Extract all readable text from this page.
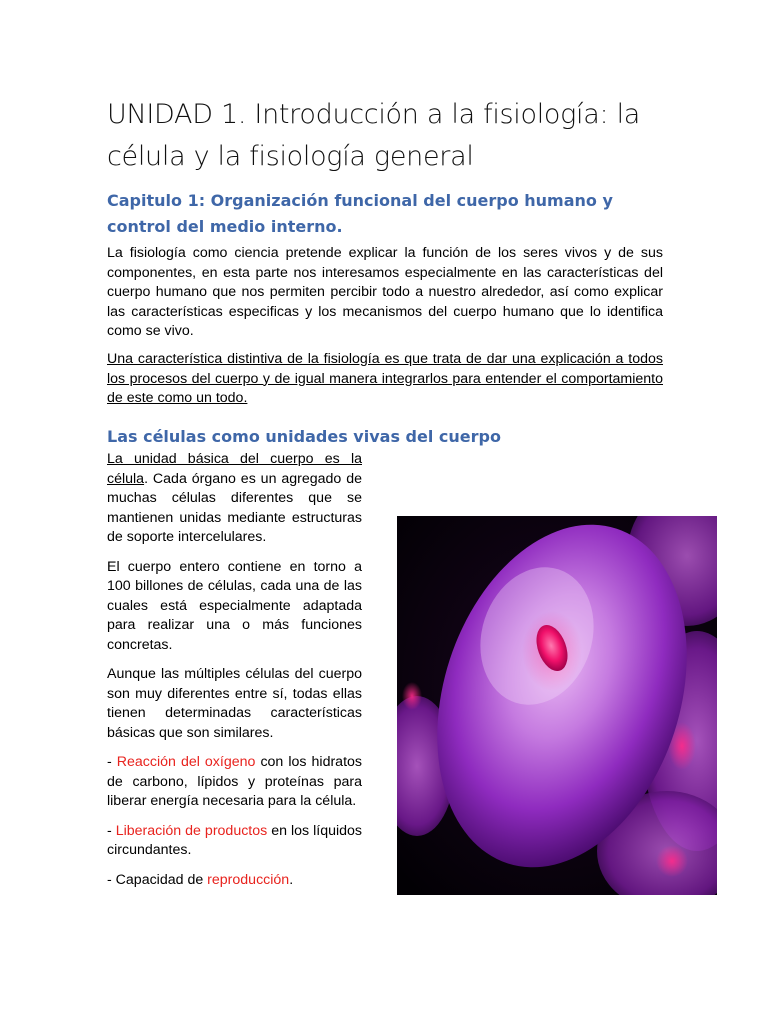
UNIDAD 1. Introducción a la fisiología: la célula y la fisiología general
Capitulo 1: Organización funcional del cuerpo humano y control del medio interno.

La fisiología como ciencia pretende explicar la función de los seres vivos y de sus componentes, en esta parte nos interesamos especialmente en las características del cuerpo humano que nos permiten percibir todo a nuestro alrededor, así como explicar las características especificas y los mecanismos del cuerpo humano que lo identifica como se vivo.

Una característica distintiva de la fisiología es que trata de dar una explicación a todos los procesos del cuerpo y de igual manera integrarlos para entender el comportamiento de este como un todo.

Las células como unidades vivas del cuerpo

La unidad básica del cuerpo es la célula. Cada órgano es un agregado de muchas células diferentes que se mantienen unidas mediante estructuras de soporte intercelulares.

El cuerpo entero contiene en torno a 100 billones de células, cada una de las cuales está especialmente adaptada para realizar una o más funciones concretas.

Aunque las múltiples células del cuerpo son muy diferentes entre sí, todas ellas tienen determinadas características básicas que son similares.

- Reacción del oxígeno con los hidratos de carbono, lípidos y proteínas para liberar energía necesaria para la célula.

- Liberación de productos en los líquidos circundantes.

- Capacidad de reproducción.
